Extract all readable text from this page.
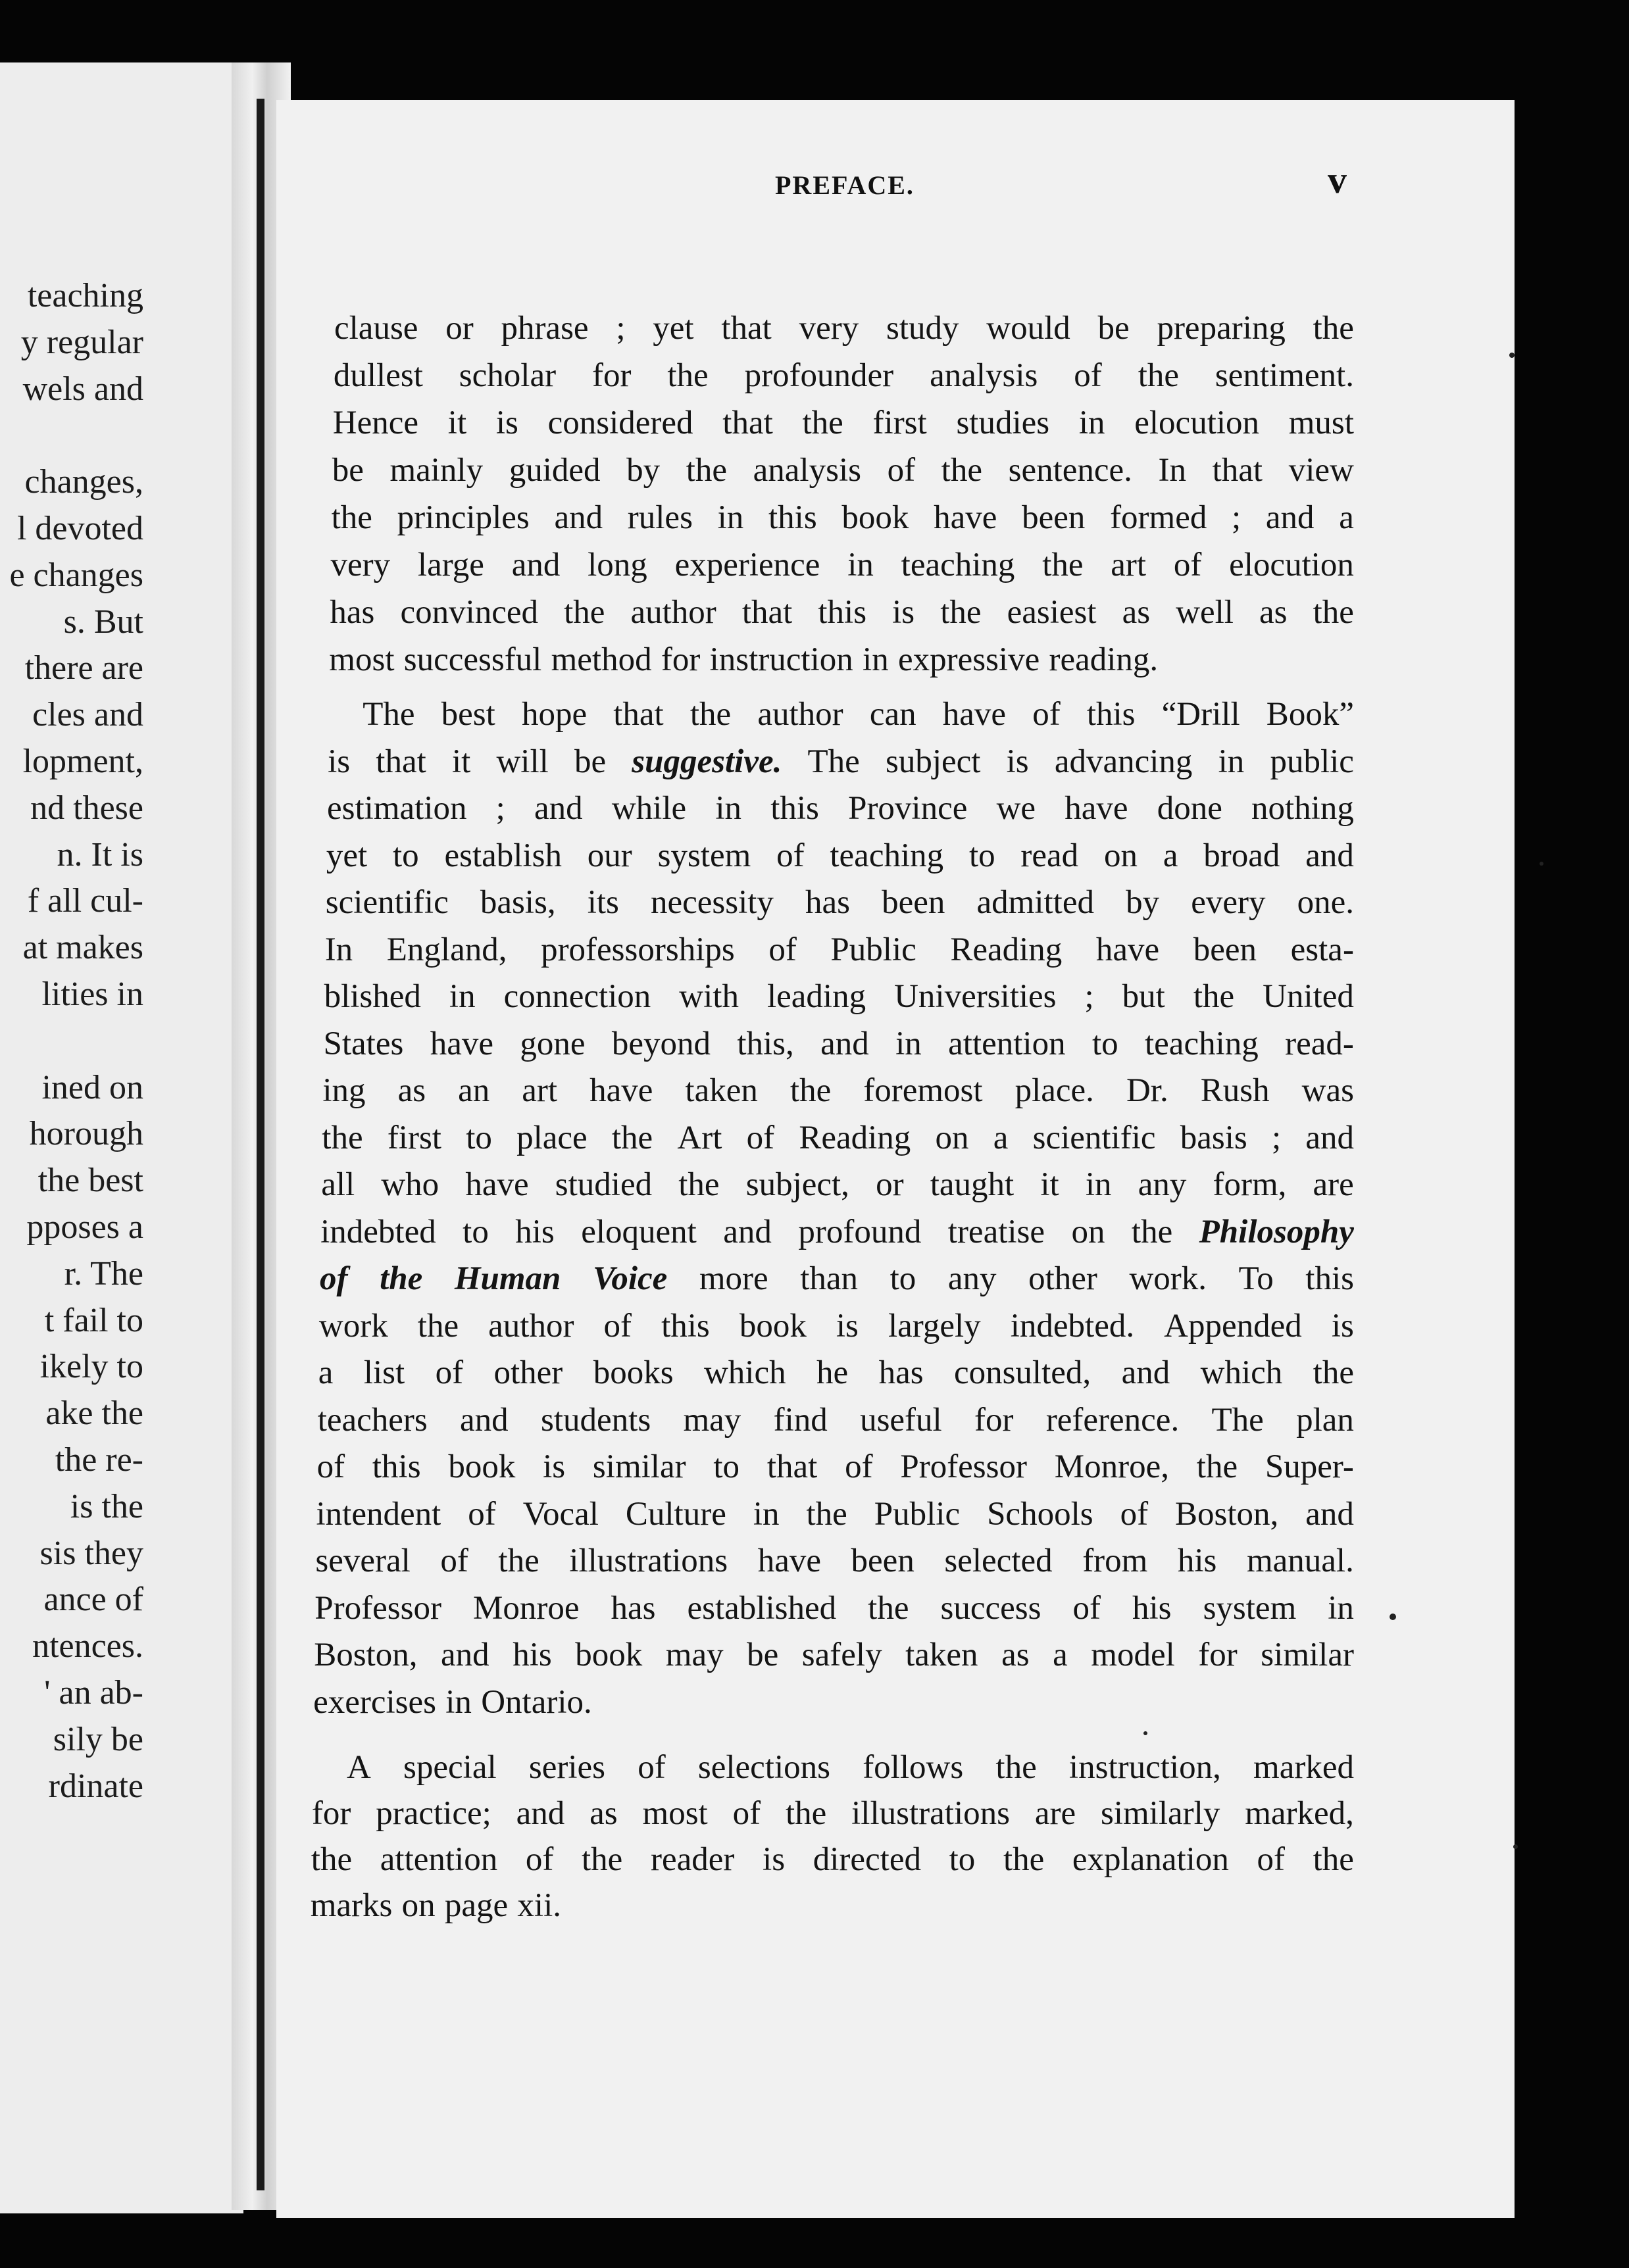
teaching
y regular
wels and
changes,
l devoted
e changes
s. But
there are
cles and
lopment,
nd these
n. It is
f all cul-
at makes
lities in
ined on
horough
the best
pposes a
r. The
t fail to
ikely to
ake the
the re-
is the
sis they
ance of
ntences.
' an ab-
sily be
rdinate
PREFACE.	v
clause or phrase ; yet that very study would be preparing the
dullest scholar for the profounder analysis of the sentiment.
Hence it is considered that the first studies in elocution must
be mainly guided by the analysis of the sentence. In that view
the principles and rules in this book have been formed ; and a
very large and long experience in teaching the art of elocution
has convinced the author that this is the easiest as well as the
most successful method for instruction in expressive reading.
The best hope that the author can have of this “Drill Book”
is that it will be suggestive. The subject is advancing in public
estimation ; and while in this Province we have done nothing
yet to establish our system of teaching to read on a broad and
scientific basis, its necessity has been admitted by every one.
In England, professorships of Public Reading have been esta-
blished in connection with leading Universities ; but the United
States have gone beyond this, and in attention to teaching read-
ing as an art have taken the foremost place. Dr. Rush was
the first to place the Art of Reading on a scientific basis ; and
all who have studied the subject, or taught it in any form, are
indebted to his eloquent and profound treatise on the Philosophy
of the Human Voice more than to any other work. To this
work the author of this book is largely indebted. Appended is
a list of other books which he has consulted, and which the
teachers and students may find useful for reference. The plan
of this book is similar to that of Professor Monroe, the Super-
intendent of Vocal Culture in the Public Schools of Boston, and
several of the illustrations have been selected from his manual.
Professor Monroe has established the success of his system in
Boston, and his book may be safely taken as a model for similar
exercises in Ontario.
A special series of selections follows the instruction, marked
for practice; and as most of the illustrations are similarly marked,
the attention of the reader is directed to the explanation of the
marks on page xii.
